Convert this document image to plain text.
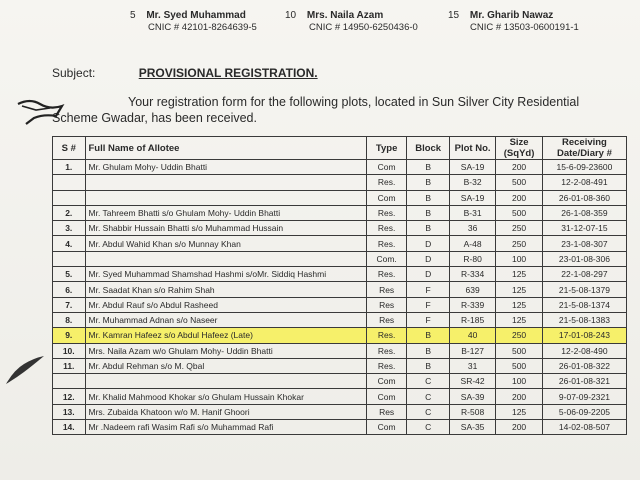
5 Mr. Syed Muhammad
CNIC # 42101-8264639-5
10 Mrs. Naila Azam
CNIC # 14950-6250436-0
15 Mr. Gharib Nawaz
CNIC # 13503-0600191-1
Subject:	PROVISIONAL REGISTRATION.
Your registration form for the following plots, located in Sun Silver City Residential Scheme Gwadar, has been received.
S #	Full Name of Allotee	Type	Block	Plot No.	Size (SqYd)	Receiving Date/Diary #
1.	Mr. Ghulam Mohy- Uddin Bhatti	Com	B	SA-19	200	15-6-09-23600
		Res.	B	B-32	500	12-2-08-491
		Com	B	SA-19	200	26-01-08-360
2.	Mr. Tahreem Bhatti s/o Ghulam Mohy- Uddin Bhatti	Res.	B	B-31	500	26-1-08-359
3.	Mr. Shabbir Hussain Bhatti s/o Muhammad Hussain	Res.	B	36	250	31-12-07-15
4.	Mr. Abdul Wahid Khan s/o Munnay Khan	Res.	D	A-48	250	23-1-08-307
		Com.	D	R-80	100	23-01-08-306
5.	Mr. Syed Muhammad Shamshad Hashmi s/oMr. Siddiq Hashmi	Res.	D	R-334	125	22-1-08-297
6.	Mr. Saadat Khan s/o Rahim Shah	Res	F	639	125	21-5-08-1379
7.	Mr. Abdul Rauf s/o Abdul Rasheed	Res	F	R-339	125	21-5-08-1374
8.	Mr. Muhammad Adnan s/o Naseer	Res	F	R-185	125	21-5-08-1383
9.	Mr. Kamran Hafeez s/o Abdul Hafeez (Late)	Res.	B	40	250	17-01-08-243
10.	Mrs. Naila Azam w/o Ghulam Mohy- Uddin Bhatti	Res.	B	B-127	500	12-2-08-490
11.	Mr. Abdul Rehman s/o M. Qbal	Res.	B	31	500	26-01-08-322
		Com	C	SR-42	100	26-01-08-321
12.	Mr. Khalid Mahmood Khokar s/o Ghulam Hussain Khokar	Com	C	SA-39	200	9-07-09-2321
13.	Mrs. Zubaida Khatoon w/o M. Hanif Ghoori	Res	C	R-508	125	5-06-09-2205
14.	Mr .Nadeem rafi Wasim Rafi s/o Muhammad Rafi	Com	C	SA-35	200	14-02-08-507
